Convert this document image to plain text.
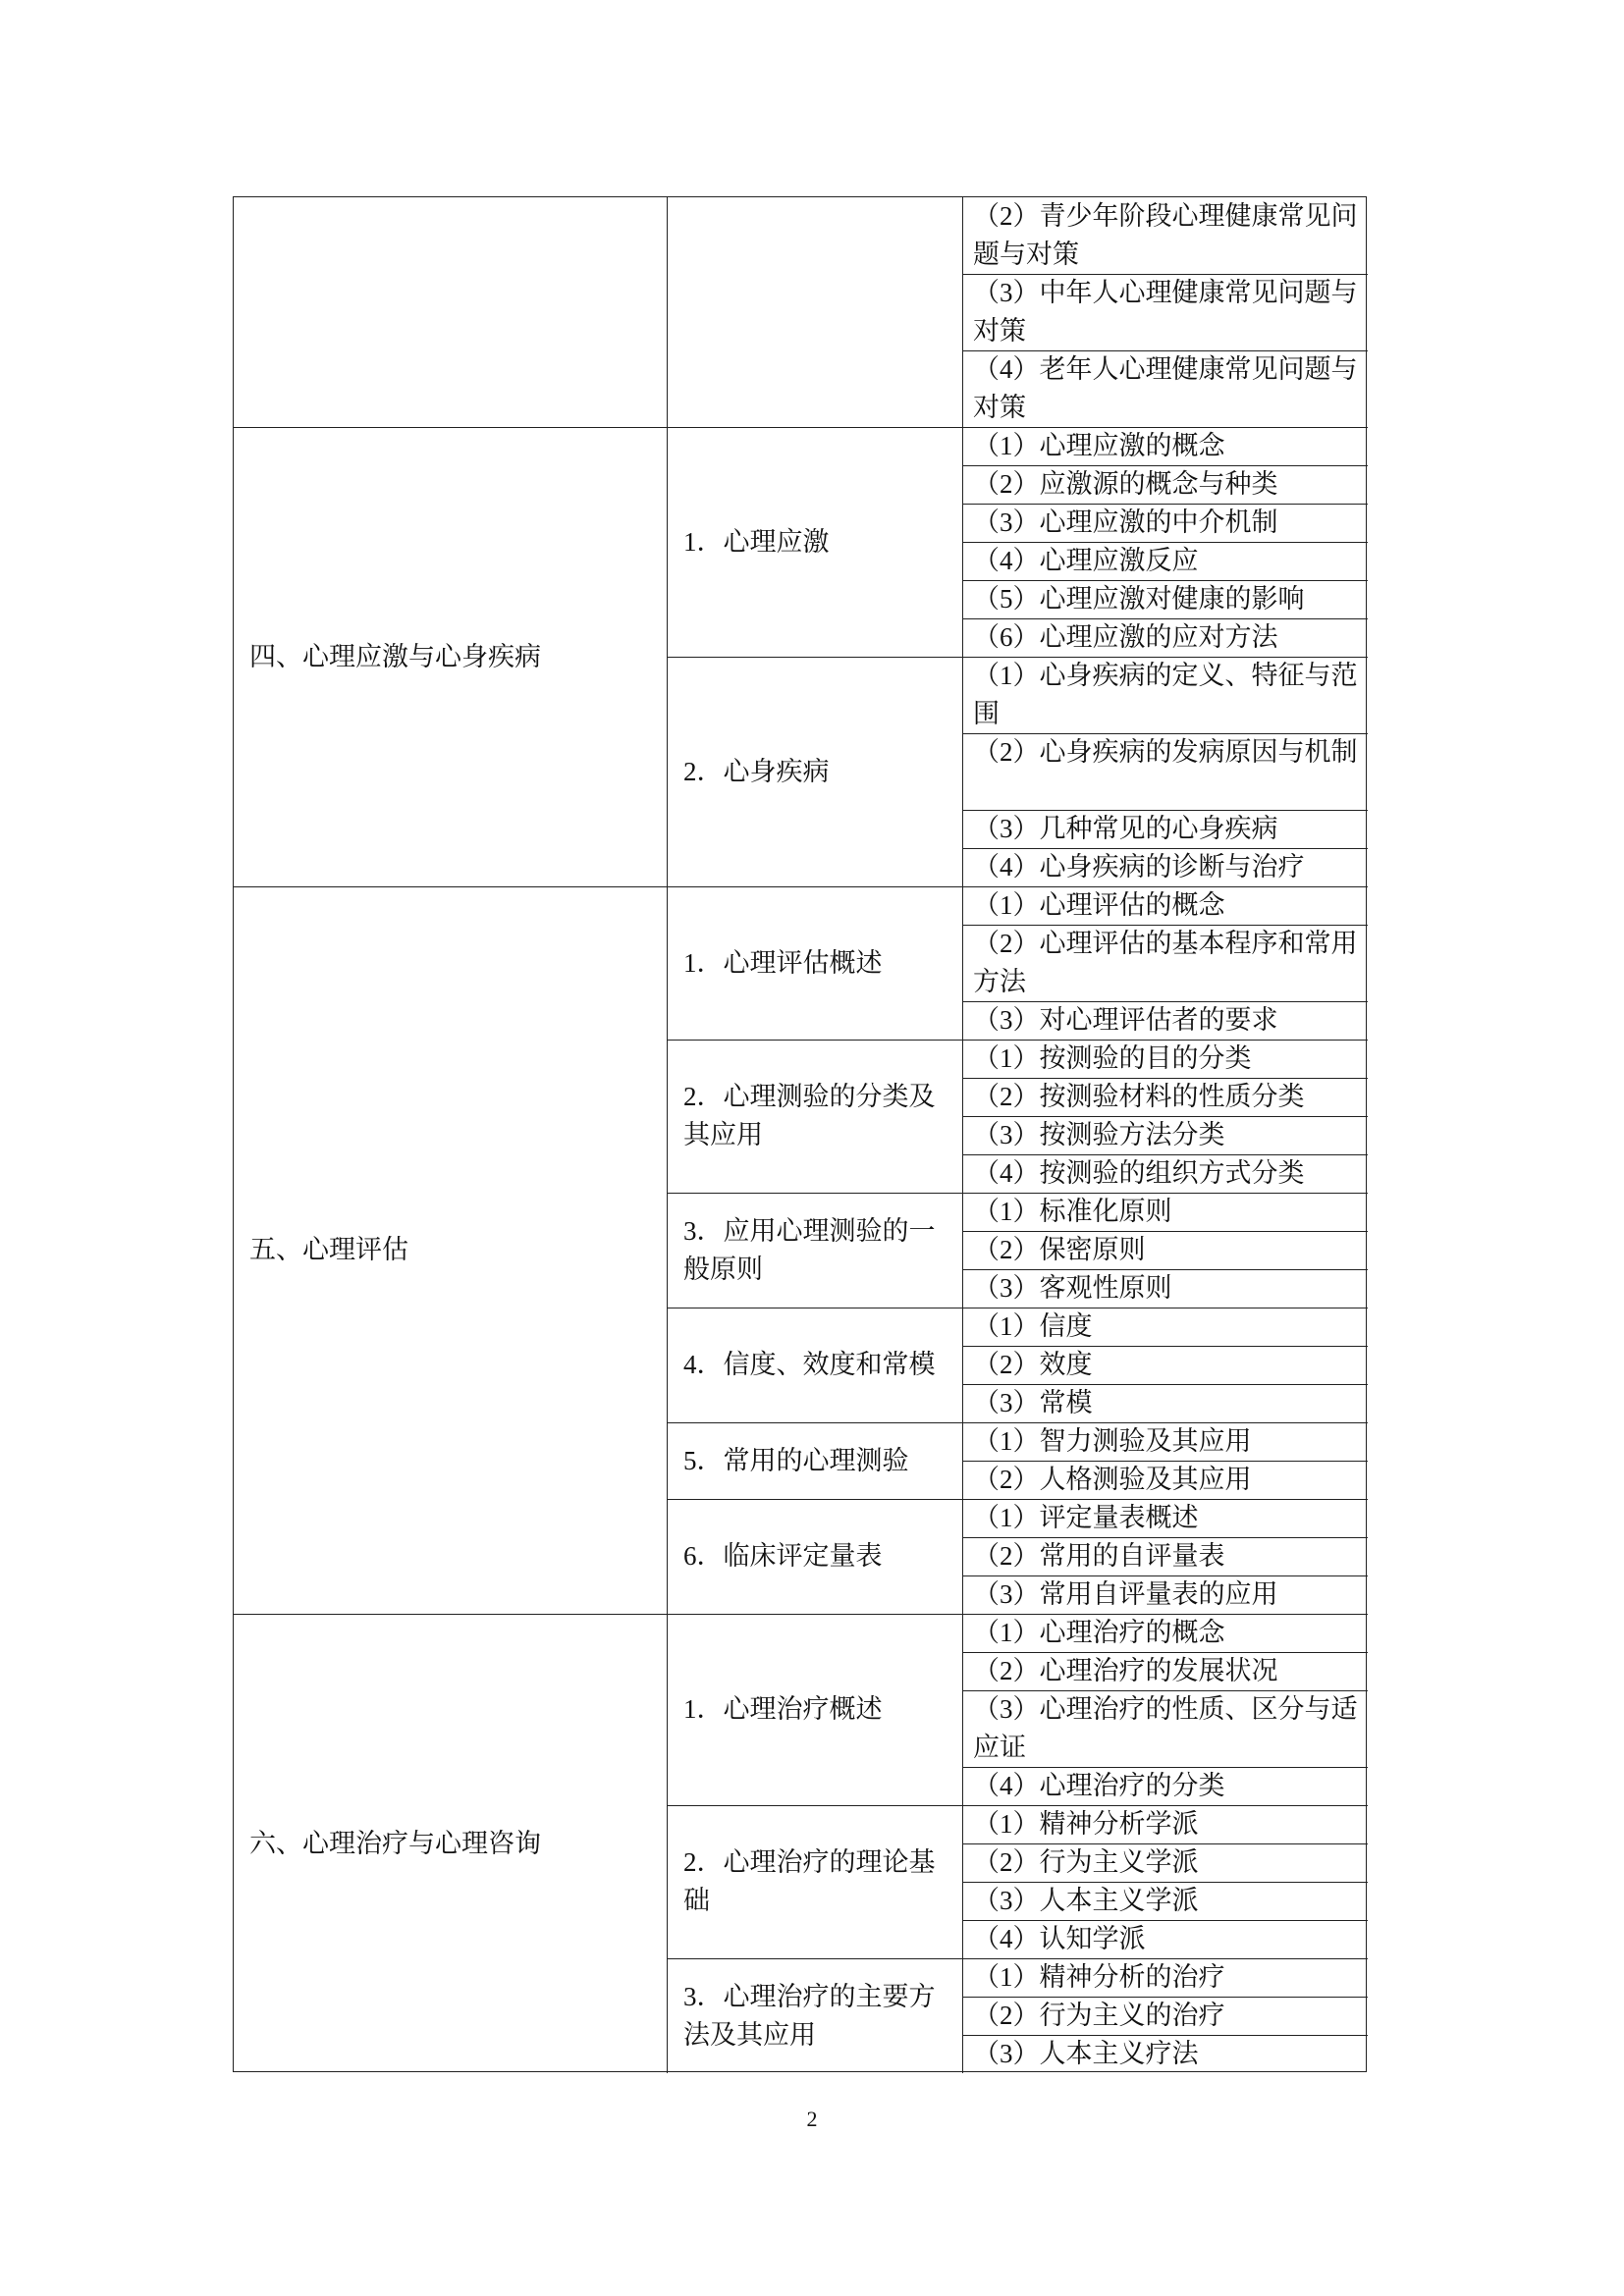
（2）青少年阶段心理健康常见问题与对策
（3）中年人心理健康常见问题与对策
（4）老年人心理健康常见问题与对策
（1）心理应激的概念
（2）应激源的概念与种类
（3）心理应激的中介机制
（4）心理应激反应
（5）心理应激对健康的影响
（6）心理应激的应对方法
1．心理应激
（1）心身疾病的定义、特征与范围
（2）心身疾病的发病原因与机制
（3）几种常见的心身疾病
（4）心身疾病的诊断与治疗
2．心身疾病
四、心理应激与心身疾病
（1）心理评估的概念
（2）心理评估的基本程序和常用方法
（3）对心理评估者的要求
1．心理评估概述
（1）按测验的目的分类
（2）按测验材料的性质分类
（3）按测验方法分类
（4）按测验的组织方式分类
2．心理测验的分类及其应用
（1）标准化原则
（2）保密原则
（3）客观性原则
3．应用心理测验的一般原则
（1）信度
（2）效度
（3）常模
4．信度、效度和常模
（1）智力测验及其应用
（2）人格测验及其应用
5．常用的心理测验
（1）评定量表概述
（2）常用的自评量表
（3）常用自评量表的应用
6．临床评定量表
五、心理评估
（1）心理治疗的概念
（2）心理治疗的发展状况
（3）心理治疗的性质、区分与适应证
（4）心理治疗的分类
1．心理治疗概述
（1）精神分析学派
（2）行为主义学派
（3）人本主义学派
（4）认知学派
2．心理治疗的理论基础
（1）精神分析的治疗
（2）行为主义的治疗
（3）人本主义疗法
3．心理治疗的主要方法及其应用
六、心理治疗与心理咨询
2
